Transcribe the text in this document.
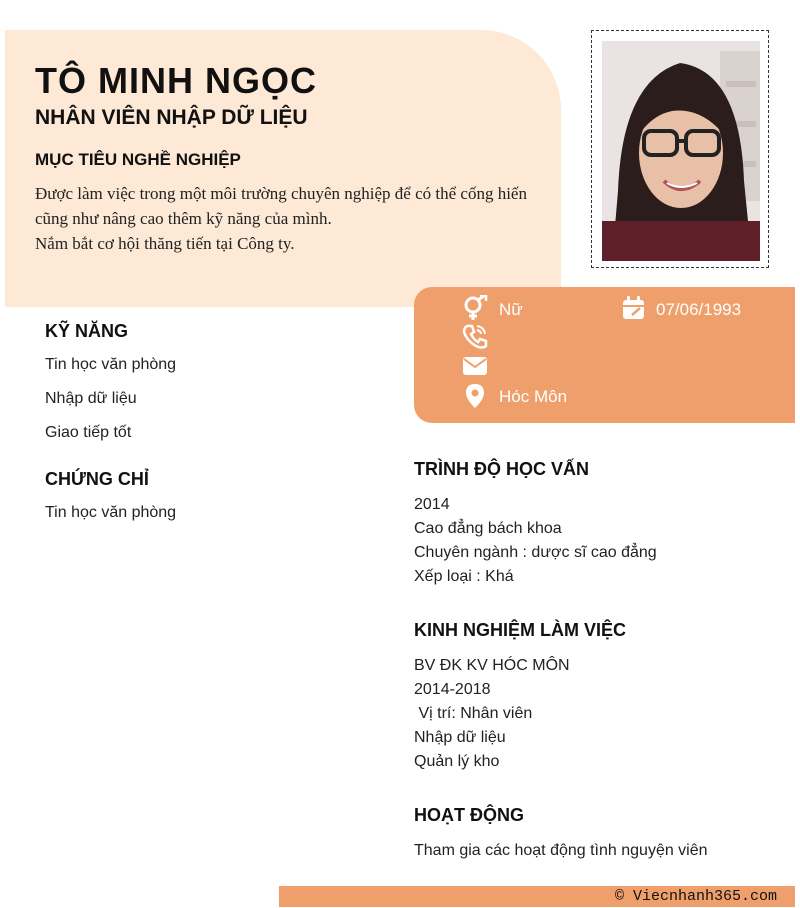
TÔ MINH NGỌC
NHÂN VIÊN NHẬP DỮ LIỆU
MỤC TIÊU NGHỀ NGHIỆP
Được làm việc trong một môi trường chuyên nghiệp để có thể cống hiến
cũng như nâng cao thêm kỹ năng của mình.
Nắm bắt cơ hội thăng tiến tại Công ty.
Nữ	07/06/1993
Hóc Môn
KỸ NĂNG
Tin học văn phòng
Nhập dữ liệu
Giao tiếp tốt
CHỨNG CHỈ
Tin học văn phòng
TRÌNH ĐỘ HỌC VẤN
2014
Cao đẳng bách khoa
Chuyên ngành : dược sĩ cao đẳng
Xếp loại : Khá
KINH NGHIỆM LÀM VIỆC
BV ĐK KV HÓC MÔN
2014-2018
Vị trí: Nhân viên
Nhập dữ liệu
Quản lý kho
HOẠT ĐỘNG
Tham gia các hoạt động tình nguyện viên
© Viecnhanh365.com
